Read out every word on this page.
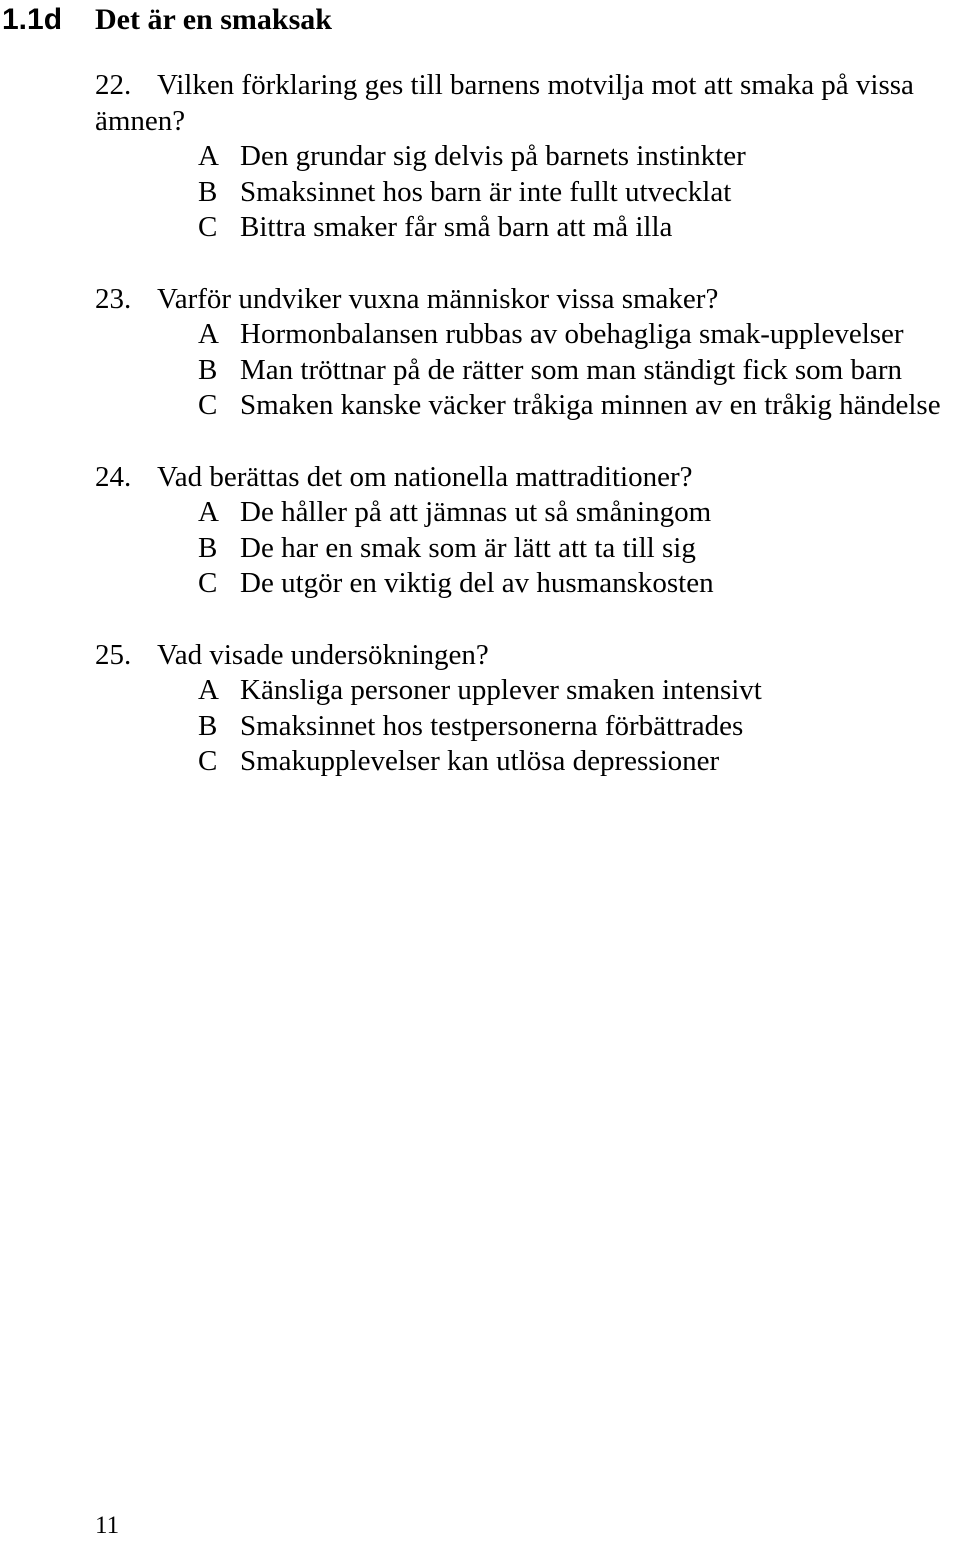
1.1d Det är en smaksak
22. Vilken förklaring ges till barnens motvilja mot att smaka på vissa ämnen?
A Den grundar sig delvis på barnets instinkter
B Smaksinnet hos barn är inte fullt utvecklat
C Bittra smaker får små barn att må illa
23. Varför undviker vuxna människor vissa smaker?
A Hormonbalansen rubbas av obehagliga smak-upplevelser
B Man tröttnar på de rätter som man ständigt fick som barn
C Smaken kanske väcker tråkiga minnen av en tråkig händelse
24. Vad berättas det om nationella mattraditioner?
A De håller på att jämnas ut så småningom
B De har en smak som är lätt att ta till sig
C De utgör en viktig del av husmanskosten
25. Vad visade undersökningen?
A Känsliga personer upplever smaken intensivt
B Smaksinnet hos testpersonerna förbättrades
C Smakupplevelser kan utlösa depressioner
11
